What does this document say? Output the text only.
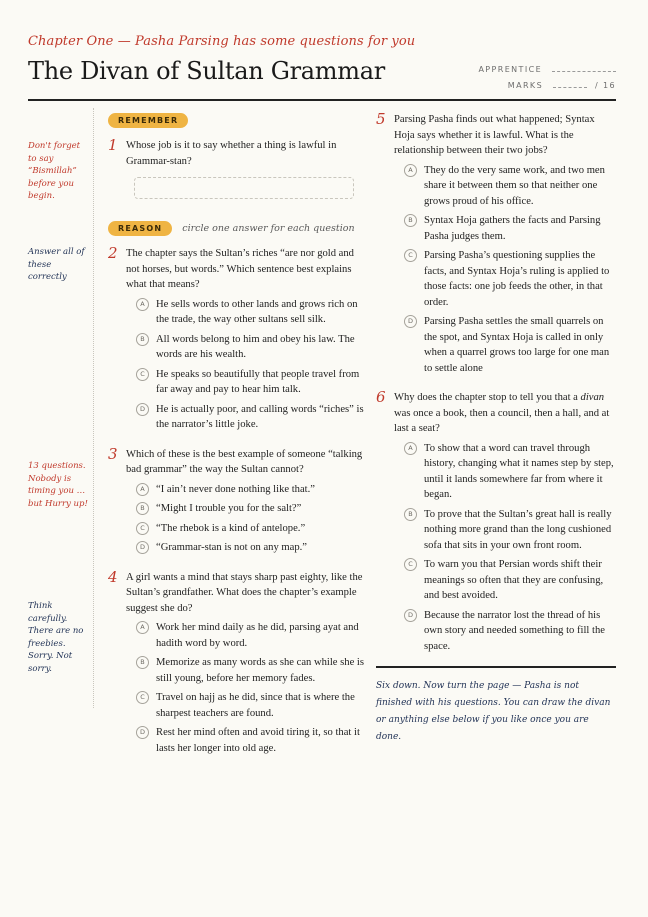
Chapter One — Pasha Parsing has some questions for you
The Divan of Sultan Grammar	APPRENTICE
MARKS	/ 16
Don't forget to say “Bismillah” before you begin.
Answer all of these correctly
13 questions. Nobody is timing you … but Hurry up!
Think carefully. There are no freebies. Sorry. Not sorry.
REMEMBER
1 Whose job is it to say whether a thing is lawful in Grammar-stan?
REASON	circle one answer for each question
2 The chapter says the Sultan’s riches “are nor gold and not horses, but words.” Which sentence best explains what that means?
A	He sells words to other lands and grows rich on the trade, the way other sultans sell silk.
B	All words belong to him and obey his law. The words are his wealth.
C	He speaks so beautifully that people travel from far away and pay to hear him talk.
D	He is actually poor, and calling words “riches” is the narrator’s little joke.
3 Which of these is the best example of someone “talking bad grammar” the way the Sultan cannot?
A	“I ain’t never done nothing like that.”
B	“Might I trouble you for the salt?”
C	“The rhebok is a kind of antelope.”
D	“Grammar-stan is not on any map.”
4 A girl wants a mind that stays sharp past eighty, like the Sultan’s grandfather. What does the chapter’s example suggest she do?
A	Work her mind daily as he did, parsing ayat and hadith word by word.
B	Memorize as many words as she can while she is still young, before her memory fades.
C	Travel on hajj as he did, since that is where the sharpest teachers are found.
D	Rest her mind often and avoid tiring it, so that it lasts her longer into old age.
5 Parsing Pasha finds out what happened; Syntax Hoja says whether it is lawful. What is the relationship between their two jobs?
A	They do the very same work, and two men share it between them so that neither one grows proud of his office.
B	Syntax Hoja gathers the facts and Parsing Pasha judges them.
C	Parsing Pasha’s questioning supplies the facts, and Syntax Hoja’s ruling is applied to those facts: one job feeds the other, in that order.
D	Parsing Pasha settles the small quarrels on the spot, and Syntax Hoja is called in only when a quarrel grows too large for one man to settle alone
6 Why does the chapter stop to tell you that a divan was once a book, then a council, then a hall, and at last a seat?
A	To show that a word can travel through history, changing what it names step by step, until it lands somewhere far from where it began.
B	To prove that the Sultan’s great hall is really nothing more grand than the long cushioned sofa that sits in your own front room.
C	To warn you that Persian words shift their meanings so often that they are confusing, and best avoided.
D	Because the narrator lost the thread of his own story and needed something to fill the space.
Six down. Now turn the page — Pasha is not finished with his questions. You can draw the divan or anything else below if you like once you are done.
